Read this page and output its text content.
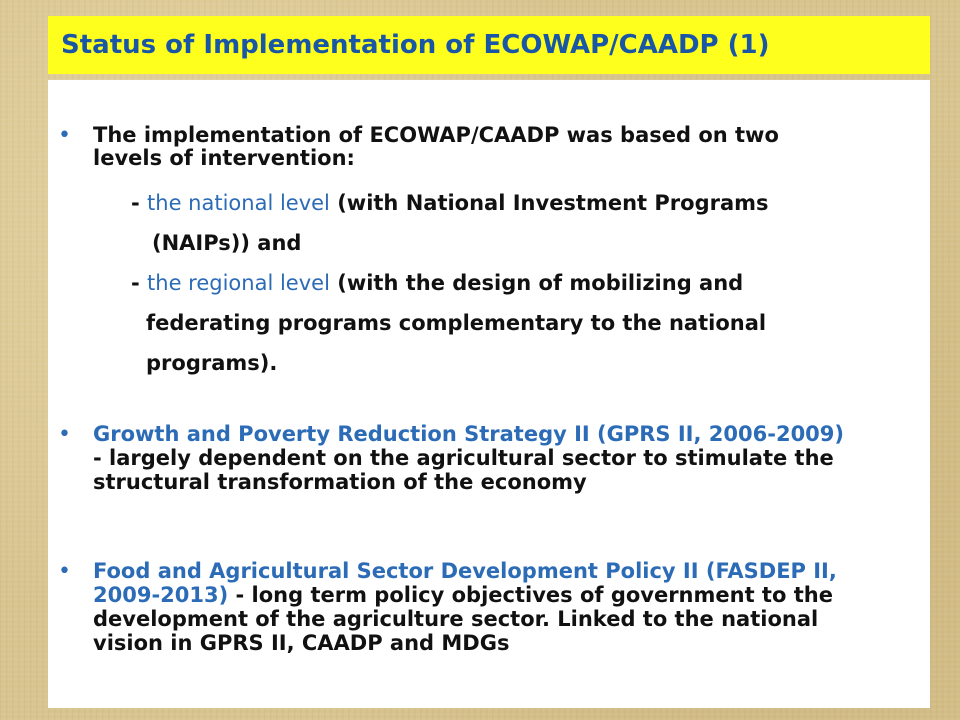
Status of Implementation of ECOWAP/CAADP (1)
• The implementation of ECOWAP/CAADP was based on two
levels of intervention:
- the national level (with National Investment Programs
(NAIPs)) and
- the regional level (with the design of mobilizing and
federating programs complementary to the national
programs).
• Growth and Poverty Reduction Strategy II (GPRS II, 2006-2009)
- largely dependent on the agricultural sector to stimulate the
structural transformation of the economy
• Food and Agricultural Sector Development Policy II (FASDEP II,
2009-2013) - long term policy objectives of government to the
development of the agriculture sector. Linked to the national
vision in GPRS II, CAADP and MDGs
